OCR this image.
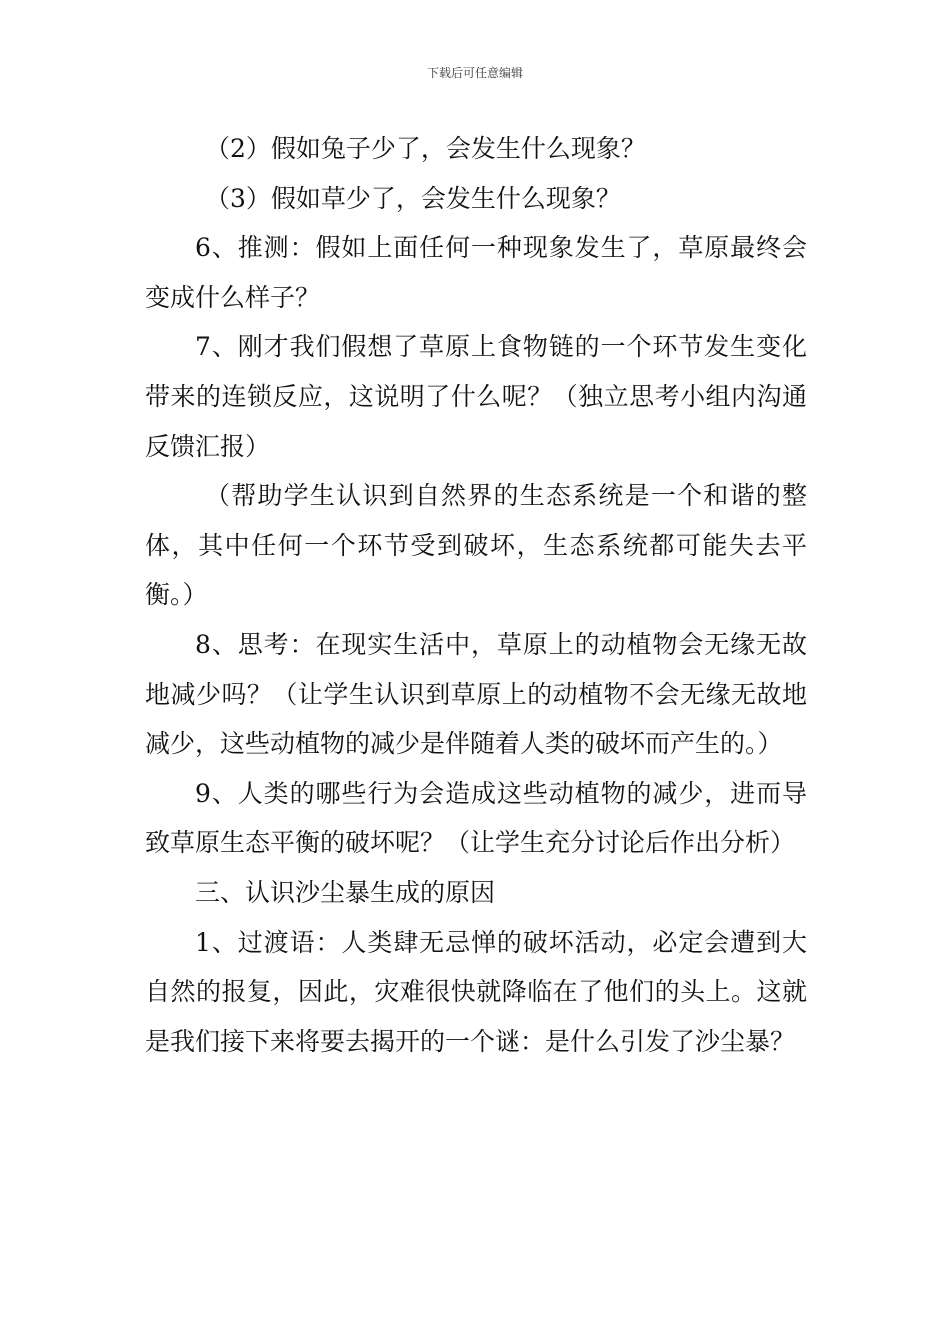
下载后可任意编辑

（2）假如兔子少了，会发生什么现象？

（3）假如草少了，会发生什么现象？

6、推测：假如上面任何一种现象发生了，草原最终会变成什么样子？

7、刚才我们假想了草原上食物链的一个环节发生变化带来的连锁反应，这说明了什么呢？（独立思考小组内沟通反馈汇报）

（帮助学生认识到自然界的生态系统是一个和谐的整体，其中任何一个环节受到破坏，生态系统都可能失去平衡。）

8、思考：在现实生活中，草原上的动植物会无缘无故地减少吗？（让学生认识到草原上的动植物不会无缘无故地减少，这些动植物的减少是伴随着人类的破坏而产生的。）

9、人类的哪些行为会造成这些动植物的减少，进而导致草原生态平衡的破坏呢？（让学生充分讨论后作出分析）

三、认识沙尘暴生成的原因

1、过渡语：人类肆无忌惮的破坏活动，必定会遭到大自然的报复，因此，灾难很快就降临在了他们的头上。这就是我们接下来将要去揭开的一个谜：是什么引发了沙尘暴？
